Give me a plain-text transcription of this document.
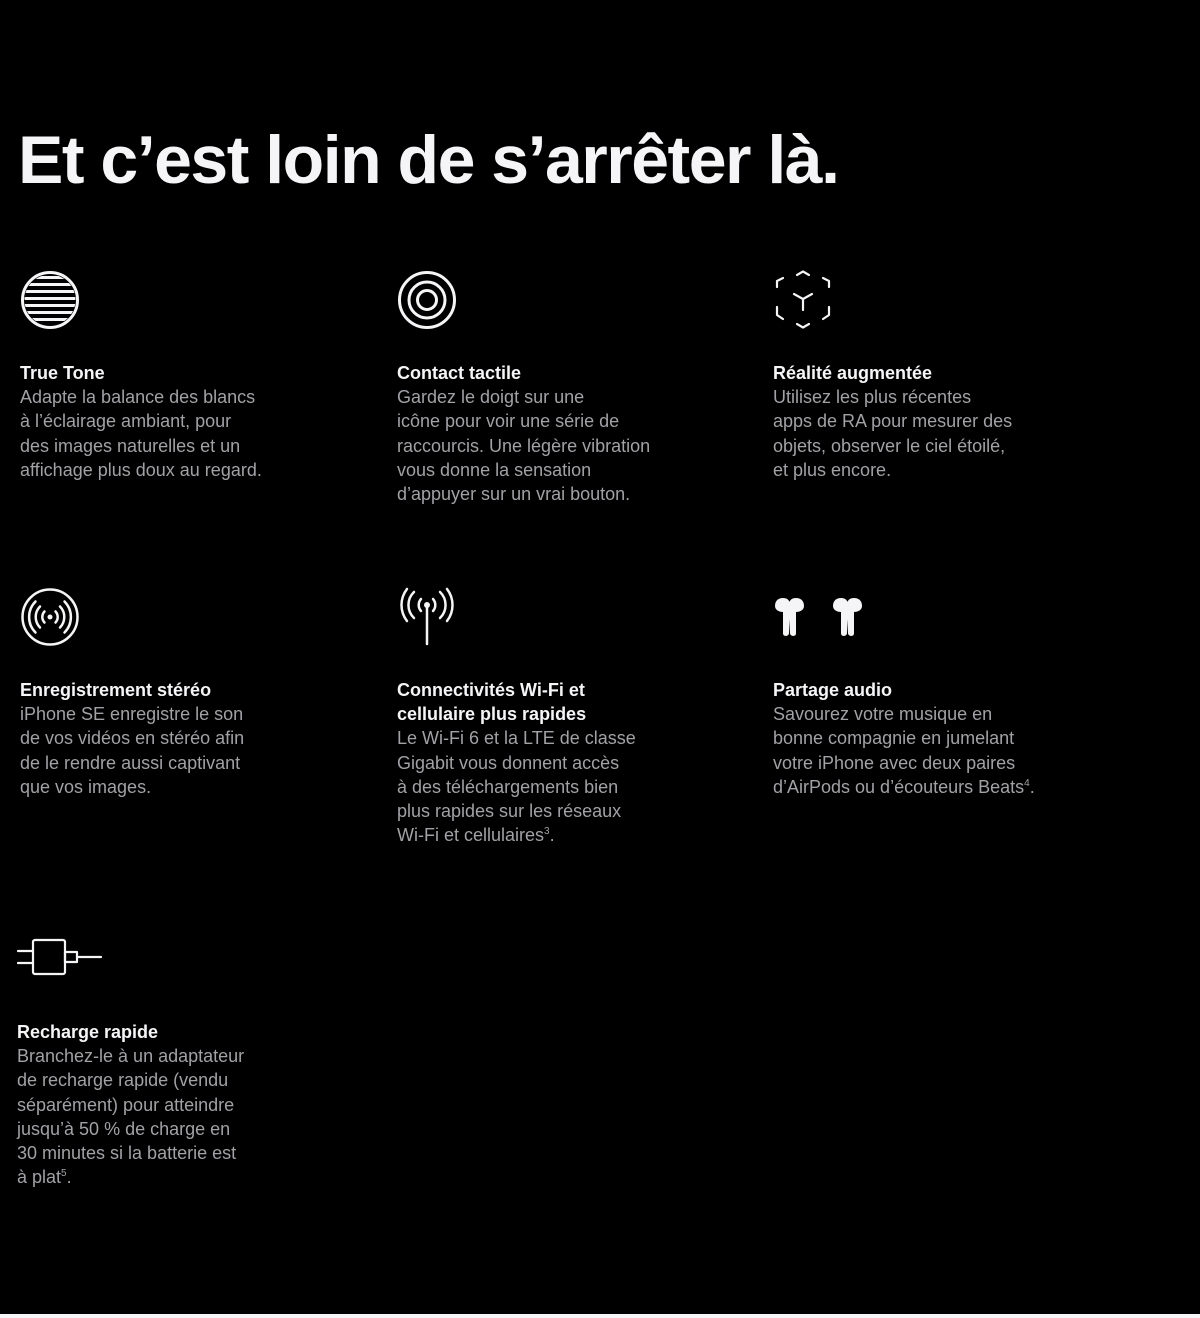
Et c’est loin de s’arrêter là.
True Tone
Adapte la balance des blancs
à l’éclairage ambiant, pour
des images naturelles et un
affichage plus doux au regard.
Contact tactile
Gardez le doigt sur une
icône pour voir une série de
raccourcis. Une légère vibration
vous donne la sensation
d’appuyer sur un vrai bouton.
Réalité augmentée
Utilisez les plus récentes
apps de RA pour mesurer des
objets, observer le ciel étoilé,
et plus encore.
Enregistrement stéréo
iPhone SE enregistre le son
de vos vidéos en stéréo afin
de le rendre aussi captivant
que vos images.
Connectivités Wi-Fi et
cellulaire plus rapides
Le Wi-Fi 6 et la LTE de classe
Gigabit vous donnent accès
à des téléchargements bien
plus rapides sur les réseaux
Wi-Fi et cellulaires$^3$.
Partage audio
Savourez votre musique en
bonne compagnie en jumelant
votre iPhone avec deux paires
d’AirPods ou d’écouteurs Beats$^4$.
Recharge rapide
Branchez-le à un adaptateur
de recharge rapide (vendu
séparément) pour atteindre
jusqu’à 50 % de charge en
30 minutes si la batterie est
à plat$^5$.
